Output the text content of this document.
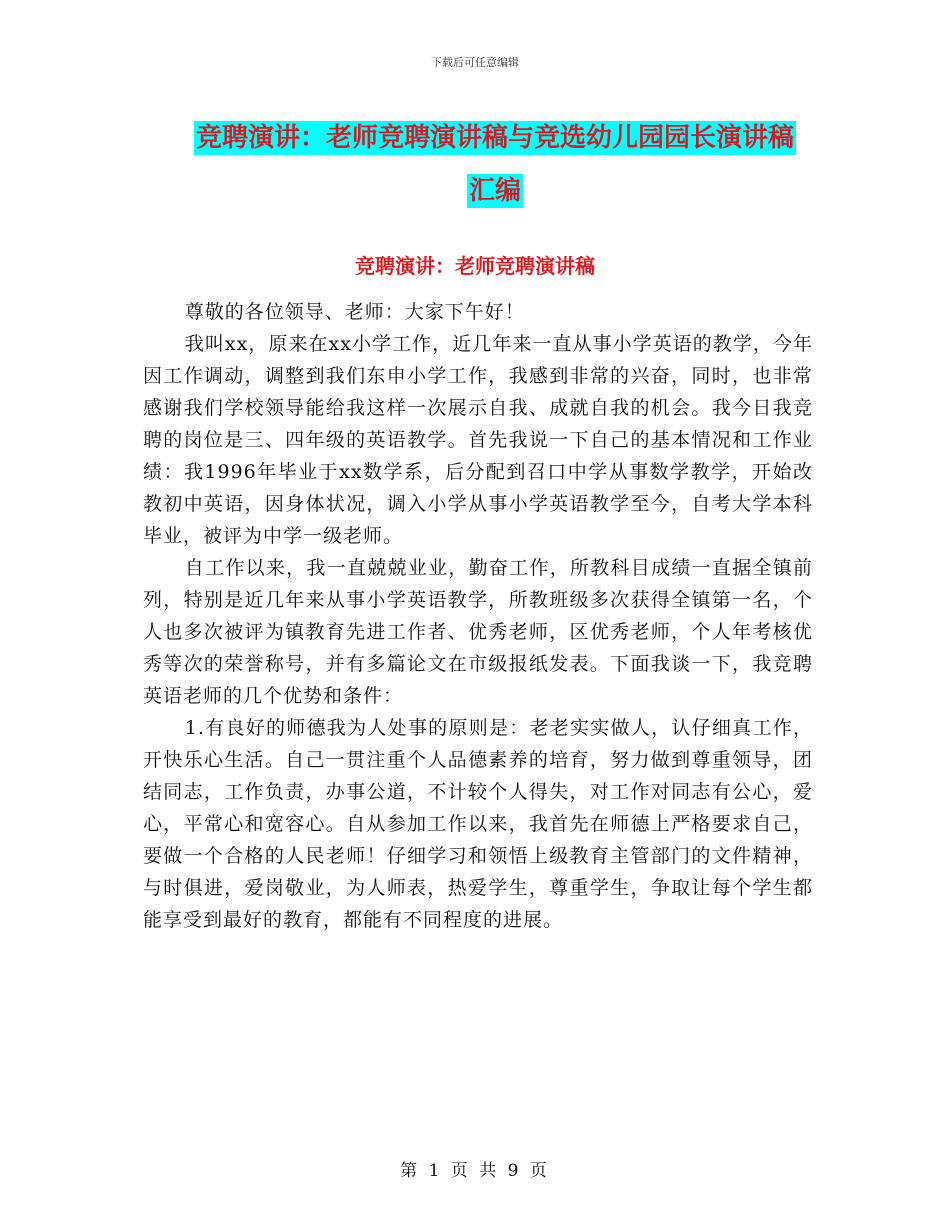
下载后可任意编辑
竞聘演讲：老师竞聘演讲稿与竞选幼儿园园长演讲稿
汇编
竞聘演讲：老师竞聘演讲稿

尊敬的各位领导、老师：大家下午好！

我叫xx，原来在xx小学工作，近几年来一直从事小学英语的教学，今年因工作调动，调整到我们东申小学工作，我感到非常的兴奋，同时，也非常感谢我们学校领导能给我这样一次展示自我、成就自我的机会。我今日我竞聘的岗位是三、四年级的英语教学。首先我说一下自己的基本情况和工作业绩：我1996年毕业于xx数学系，后分配到召口中学从事数学教学，开始改教初中英语，因身体状况，调入小学从事小学英语教学至今，自考大学本科毕业，被评为中学一级老师。

自工作以来，我一直兢兢业业，勤奋工作，所教科目成绩一直据全镇前列，特别是近几年来从事小学英语教学，所教班级多次获得全镇第一名，个人也多次被评为镇教育先进工作者、优秀老师，区优秀老师，个人年考核优秀等次的荣誉称号，并有多篇论文在市级报纸发表。下面我谈一下，我竞聘英语老师的几个优势和条件：

1.有良好的师德我为人处事的原则是：老老实实做人，认仔细真工作，开快乐心生活。自己一贯注重个人品德素养的培育，努力做到尊重领导，团结同志，工作负责，办事公道，不计较个人得失，对工作对同志有公心，爱心，平常心和宽容心。自从参加工作以来，我首先在师德上严格要求自己，要做一个合格的人民老师！仔细学习和领悟上级教育主管部门的文件精神，与时俱进，爱岗敬业，为人师表，热爱学生，尊重学生，争取让每个学生都能享受到最好的教育，都能有不同程度的进展。

第 1 页 共 9 页
